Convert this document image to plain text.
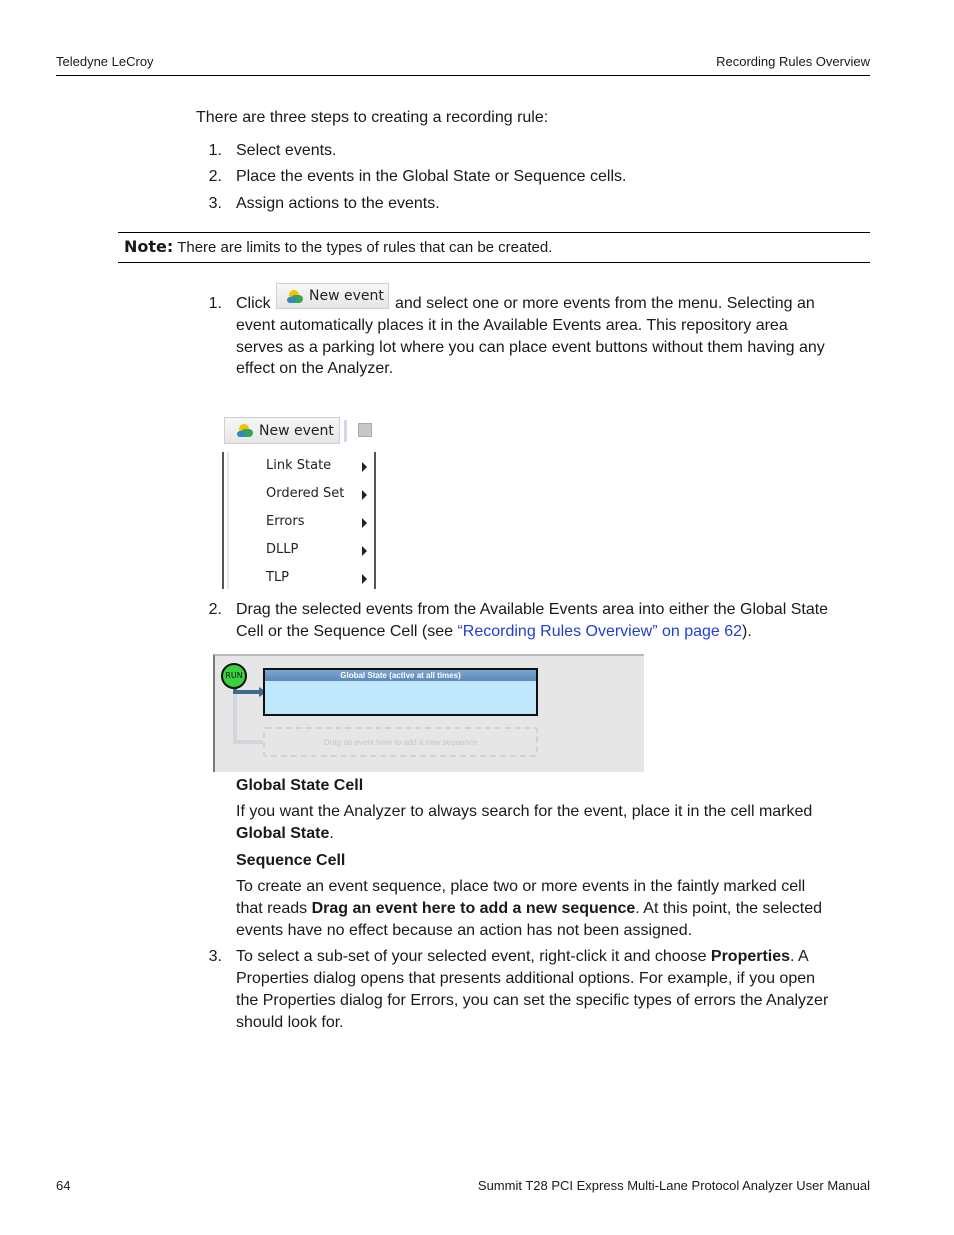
Teledyne LeCroy	Recording Rules Overview
There are three steps to creating a recording rule:
1. Select events.
2. Place the events in the Global State or Sequence cells.
3. Assign actions to the events.
Note: There are limits to the types of rules that can be created.
1. Click	and select one or more events from the menu. Selecting an
New event
event automatically places it in the Available Events area. This repository area
serves as a parking lot where you can place event buttons without them having any
effect on the Analyzer.
New event
Link State
Ordered Set
Errors
DLLP
TLP
2. Drag the selected events from the Available Events area into either the Global State
Cell or the Sequence Cell (see “Recording Rules Overview” on page 62).
RUN	Global State (active at all times)
Drag an event here to add a new sequence
Global State Cell
If you want the Analyzer to always search for the event, place it in the cell marked
Global State.
Sequence Cell
To create an event sequence, place two or more events in the faintly marked cell
that reads Drag an event here to add a new sequence. At this point, the selected
events have no effect because an action has not been assigned.
3. To select a sub-set of your selected event, right-click it and choose Properties. A
Properties dialog opens that presents additional options. For example, if you open
the Properties dialog for Errors, you can set the specific types of errors the Analyzer
should look for.
64	Summit T28 PCI Express Multi-Lane Protocol Analyzer User Manual
